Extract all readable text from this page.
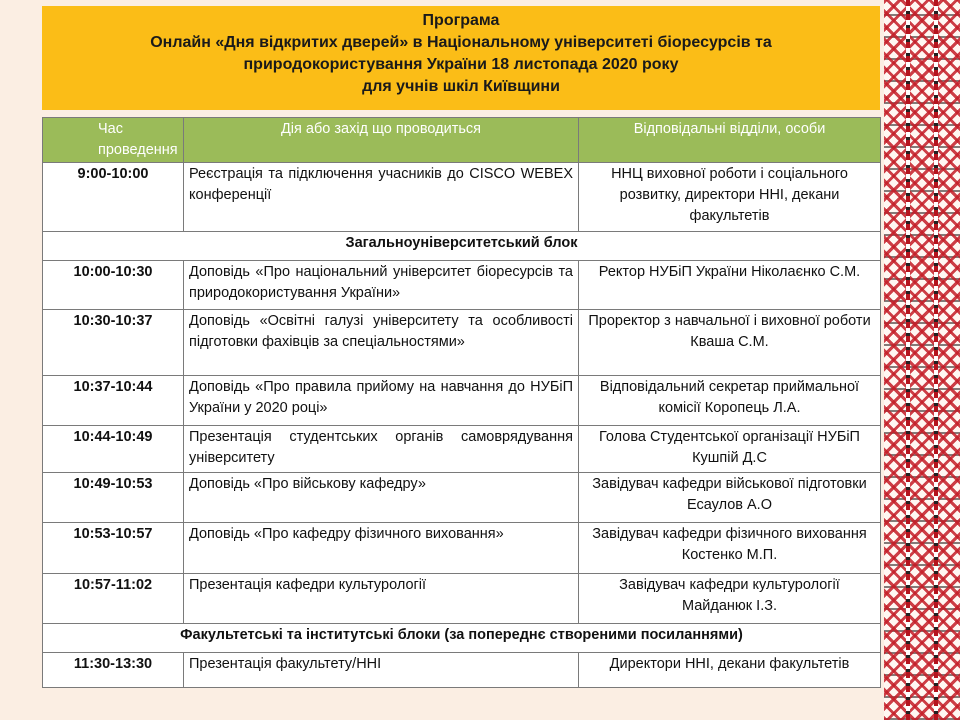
Програма
Онлайн «Дня відкритих дверей» в Національному університеті біоресурсів та
природокористування України 18 листопада 2020 року
для учнів шкіл Київщини
Час проведення	Дія або захід що проводиться	Відповідальні відділи, особи
9:00-10:00	Реєстрація та підключення учасників до CISCO WEBEX конференції	ННЦ виховної роботи і соціального розвитку, директори ННІ, декани факультетів
Загальноуніверситетський блок		
10:00-10:30	Доповідь «Про національний університет біоресурсів та природокористування України»	Ректор НУБіП України Ніколаєнко С.М.
10:30-10:37	Доповідь «Освітні галузі університету та особливості підготовки фахівців за спеціальностями»	Проректор з навчальної і виховної роботи Кваша С.М.
10:37-10:44	Доповідь «Про правила прийому на навчання до НУБіП України у 2020 році»	Відповідальний секретар приймальної комісії Коропець Л.А.
10:44-10:49	Презентація студентських органів самоврядування університету	Голова Студентської організації НУБіП Кушпій Д.С
10:49-10:53	Доповідь «Про військову кафедру»	Завідувач кафедри військової підготовки Есаулов А.О
10:53-10:57	Доповідь «Про кафедру фізичного виховання»	Завідувач кафедри фізичного виховання Костенко М.П.
10:57-11:02	Презентація кафедри культурології	Завідувач кафедри культурології Майданюк І.З.
Факультетські та інститутські блоки (за попереднє створеними посиланнями)		
11:30-13:30	Презентація факультету/ННІ	Директори ННІ, декани факультетів
